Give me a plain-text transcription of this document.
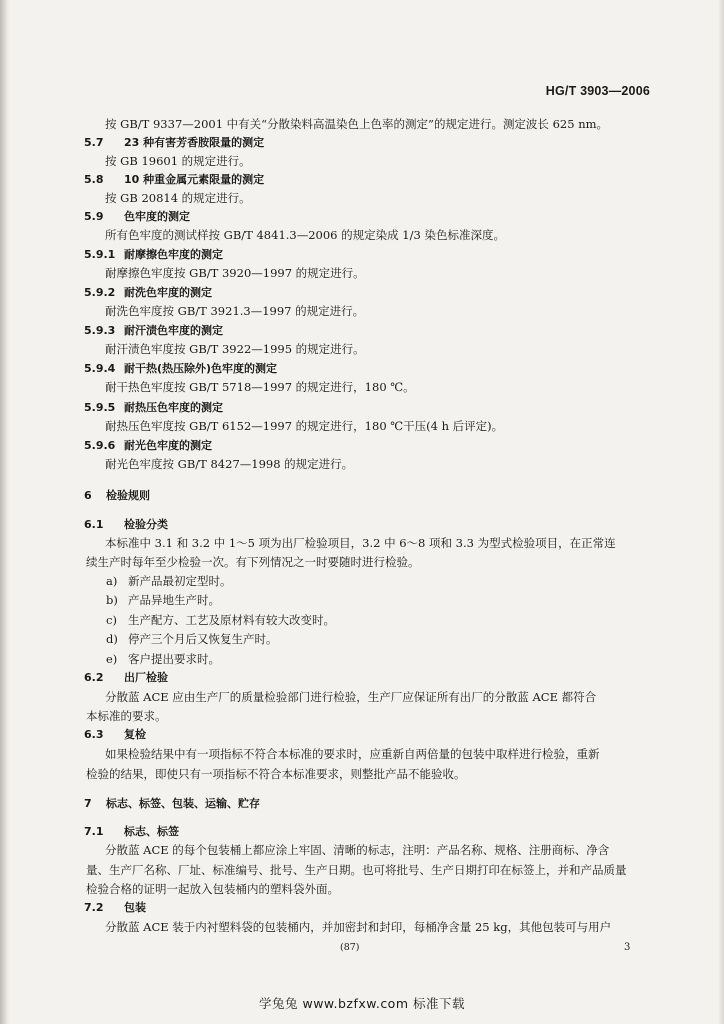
HG/T 3903—2006
按 GB/T 9337—2001 中有关“分散染料高温染色上色率的测定”的规定进行。测定波长 625 nm。
5.7 23 种有害芳香胺限量的测定
按 GB 19601 的规定进行。
5.8 10 种重金属元素限量的测定
按 GB 20814 的规定进行。
5.9 色牢度的测定
所有色牢度的测试样按 GB/T 4841.3—2006 的规定染成 1/3 染色标准深度。
5.9.1 耐摩擦色牢度的测定
耐摩擦色牢度按 GB/T 3920—1997 的规定进行。
5.9.2 耐洗色牢度的测定
耐洗色牢度按 GB/T 3921.3—1997 的规定进行。
5.9.3 耐汗渍色牢度的测定
耐汗渍色牢度按 GB/T 3922—1995 的规定进行。
5.9.4 耐干热(热压除外)色牢度的测定
耐干热色牢度按 GB/T 5718—1997 的规定进行，180 ℃。
5.9.5 耐热压色牢度的测定
耐热压色牢度按 GB/T 6152—1997 的规定进行，180 ℃干压(4 h 后评定)。
5.9.6 耐光色牢度的测定
耐光色牢度按 GB/T 8427—1998 的规定进行。
6 检验规则
6.1 检验分类
本标准中 3.1 和 3.2 中 1～5 项为出厂检验项目，3.2 中 6～8 项和 3.3 为型式检验项目，在正常连
续生产时每年至少检验一次。有下列情况之一时要随时进行检验。
a) 新产品最初定型时。
b) 产品异地生产时。
c) 生产配方、工艺及原材料有较大改变时。
d) 停产三个月后又恢复生产时。
e) 客户提出要求时。
6.2 出厂检验
分散蓝 ACE 应由生产厂的质量检验部门进行检验，生产厂应保证所有出厂的分散蓝 ACE 都符合
本标准的要求。
6.3 复检
如果检验结果中有一项指标不符合本标准的要求时，应重新自两倍量的包装中取样进行检验，重新
检验的结果，即使只有一项指标不符合本标准要求，则整批产品不能验收。
7 标志、标签、包装、运输、贮存
7.1 标志、标签
分散蓝 ACE 的每个包装桶上都应涂上牢固、清晰的标志，注明：产品名称、规格、注册商标、净含
量、生产厂名称、厂址、标准编号、批号、生产日期。也可将批号、生产日期打印在标签上，并和产品质量
检验合格的证明一起放入包装桶内的塑料袋外面。
7.2 包装
分散蓝 ACE 装于内衬塑料袋的包装桶内，并加密封和封印，每桶净含量 25 kg，其他包装可与用户
(87)	3
学兔兔 www.bzfxw.com 标准下载
